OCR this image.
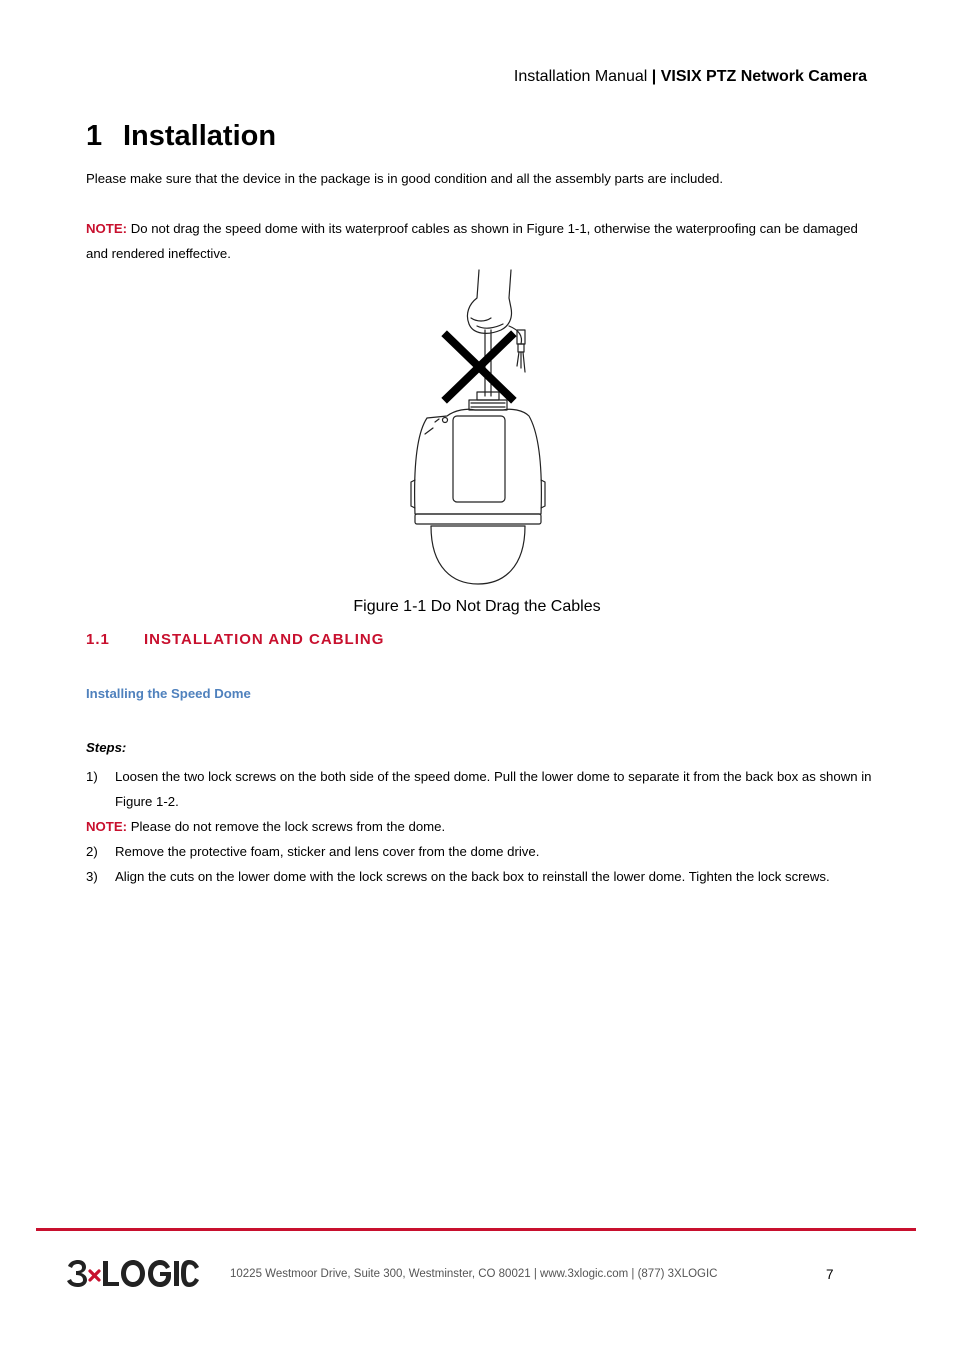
Installation Manual | VISIX PTZ Network Camera
1 Installation
Please make sure that the device in the package is in good condition and all the assembly parts are included.
NOTE: Do not drag the speed dome with its waterproof cables as shown in Figure 1-1, otherwise the waterproofing can be damaged and rendered ineffective.
Figure 1-1 Do Not Drag the Cables
1.1 INSTALLATION AND CABLING
Installing the Speed Dome
Steps:
1) Loosen the two lock screws on the both side of the speed dome. Pull the lower dome to separate it from the back box as shown in Figure 1-2.
NOTE: Please do not remove the lock screws from the dome.
2) Remove the protective foam, sticker and lens cover from the dome drive.
3) Align the cuts on the lower dome with the lock screws on the back box to reinstall the lower dome. Tighten the lock screws.
10225 Westmoor Drive, Suite 300, Westminster, CO 80021 | www.3xlogic.com | (877) 3XLOGIC	7
